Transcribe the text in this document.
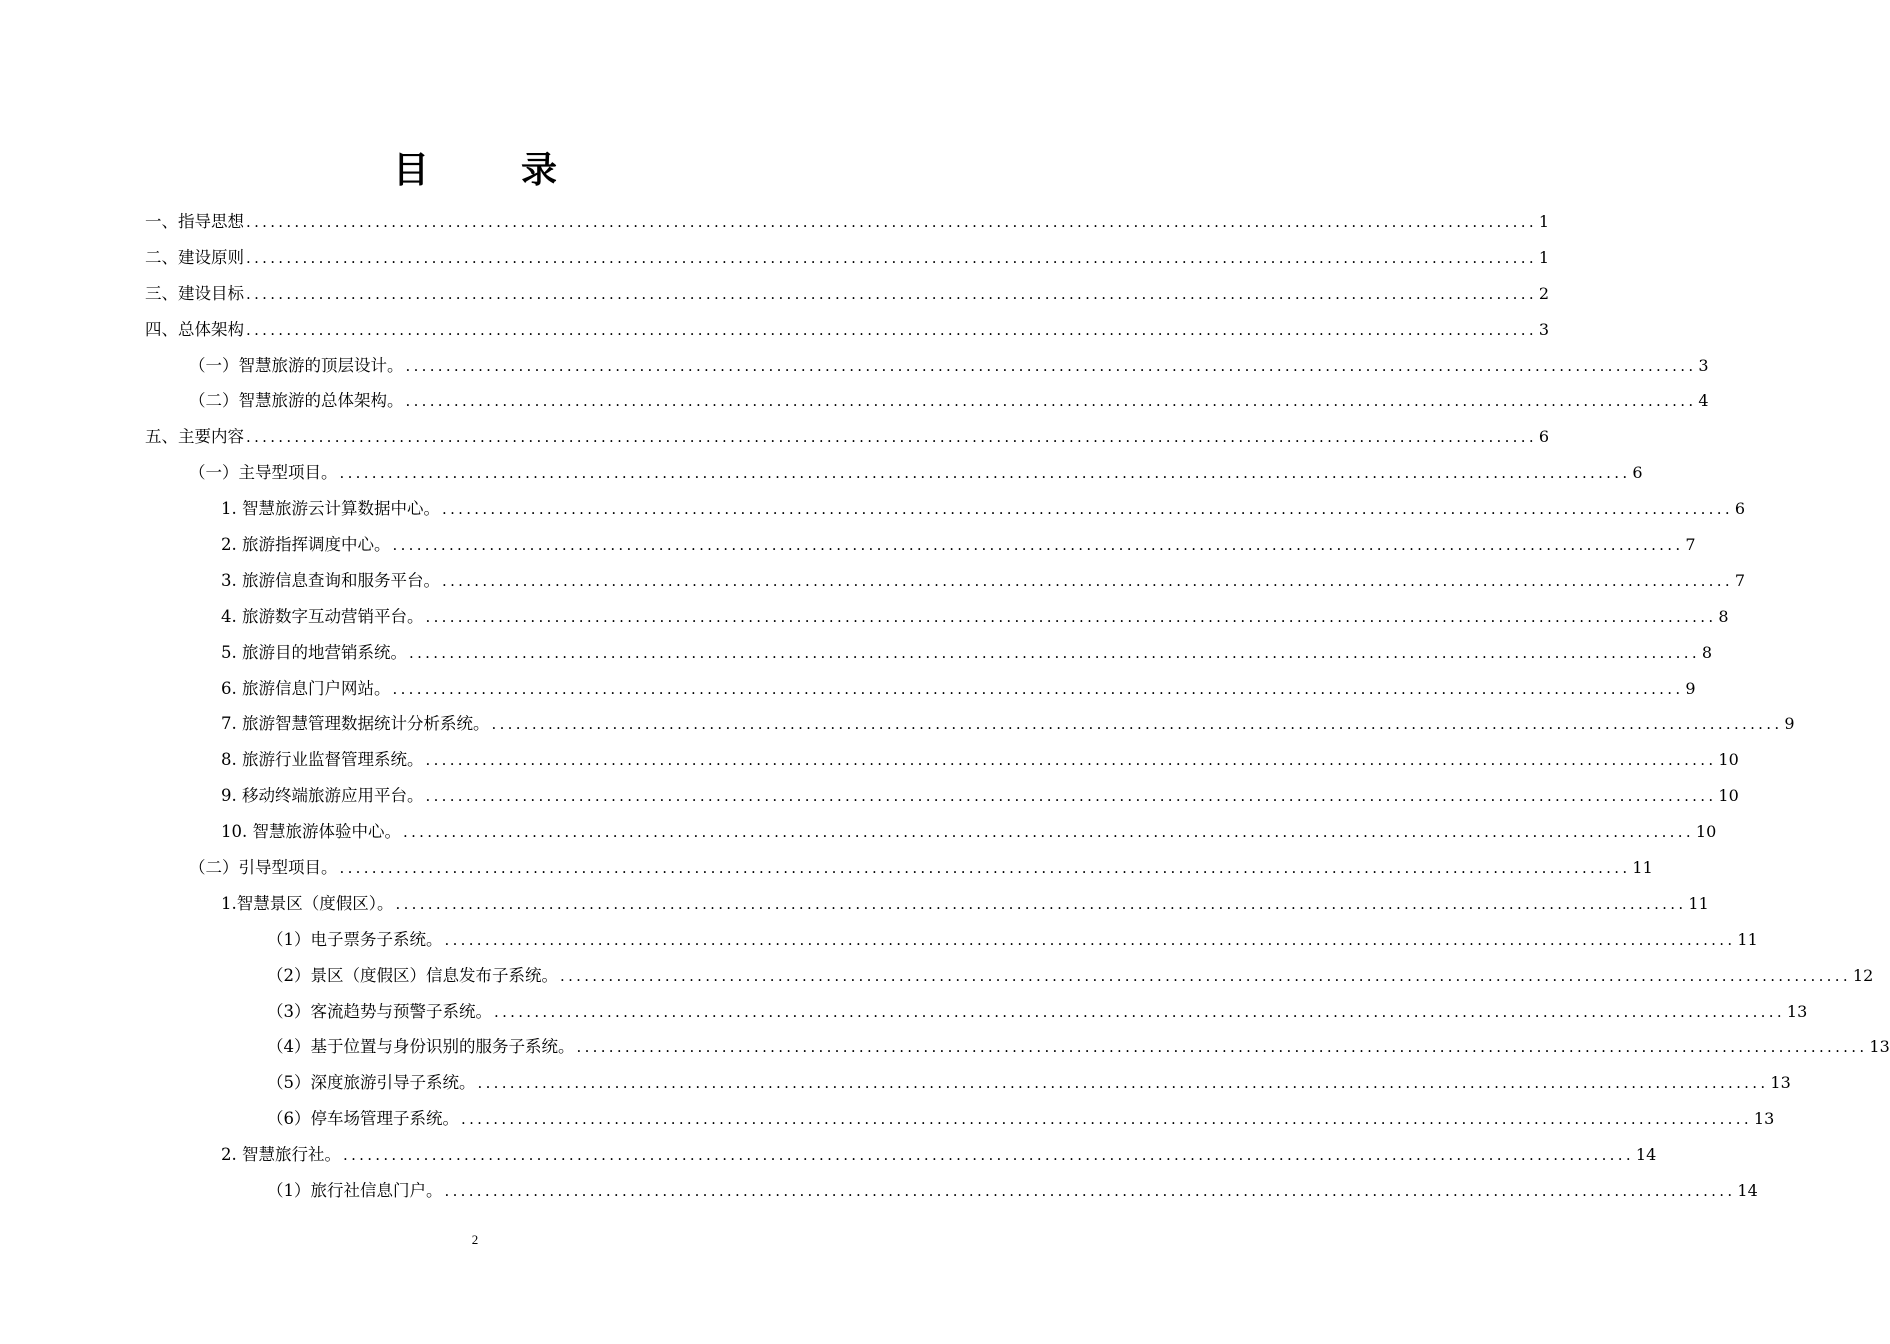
目　录
一、指导思想 ................................................................................................................................................................ 1
二、建设原则 ................................................................................................................................................................ 1
三、建设目标 ................................................................................................................................................................ 2
四、总体架构 ................................................................................................................................................................ 3
（一）智慧旅游的顶层设计。 ................................................................................................................................................................ 3
（二）智慧旅游的总体架构。 ................................................................................................................................................................ 4
五、主要内容 ................................................................................................................................................................ 6
（一）主导型项目。 ................................................................................................................................................................ 6
1. 智慧旅游云计算数据中心。 ................................................................................................................................................................ 6
2. 旅游指挥调度中心。 ................................................................................................................................................................ 7
3. 旅游信息查询和服务平台。 ................................................................................................................................................................ 7
4. 旅游数字互动营销平台。 ................................................................................................................................................................ 8
5. 旅游目的地营销系统。 ................................................................................................................................................................ 8
6. 旅游信息门户网站。 ................................................................................................................................................................ 9
7. 旅游智慧管理数据统计分析系统。 ................................................................................................................................................................ 9
8. 旅游行业监督管理系统。 ................................................................................................................................................................ 10
9. 移动终端旅游应用平台。 ................................................................................................................................................................ 10
10. 智慧旅游体验中心。 ................................................................................................................................................................ 10
（二）引导型项目。 ................................................................................................................................................................ 11
1.智慧景区（度假区）。 ................................................................................................................................................................ 11
（1）电子票务子系统。 ................................................................................................................................................................ 11
（2）景区（度假区）信息发布子系统。 ................................................................................................................................................................ 12
（3）客流趋势与预警子系统。 ................................................................................................................................................................ 13
（4）基于位置与身份识别的服务子系统。 ................................................................................................................................................................ 13
（5）深度旅游引导子系统。 ................................................................................................................................................................ 13
（6）停车场管理子系统。 ................................................................................................................................................................ 13
2. 智慧旅行社。 ................................................................................................................................................................ 14
（1）旅行社信息门户。 ................................................................................................................................................................ 14
2
